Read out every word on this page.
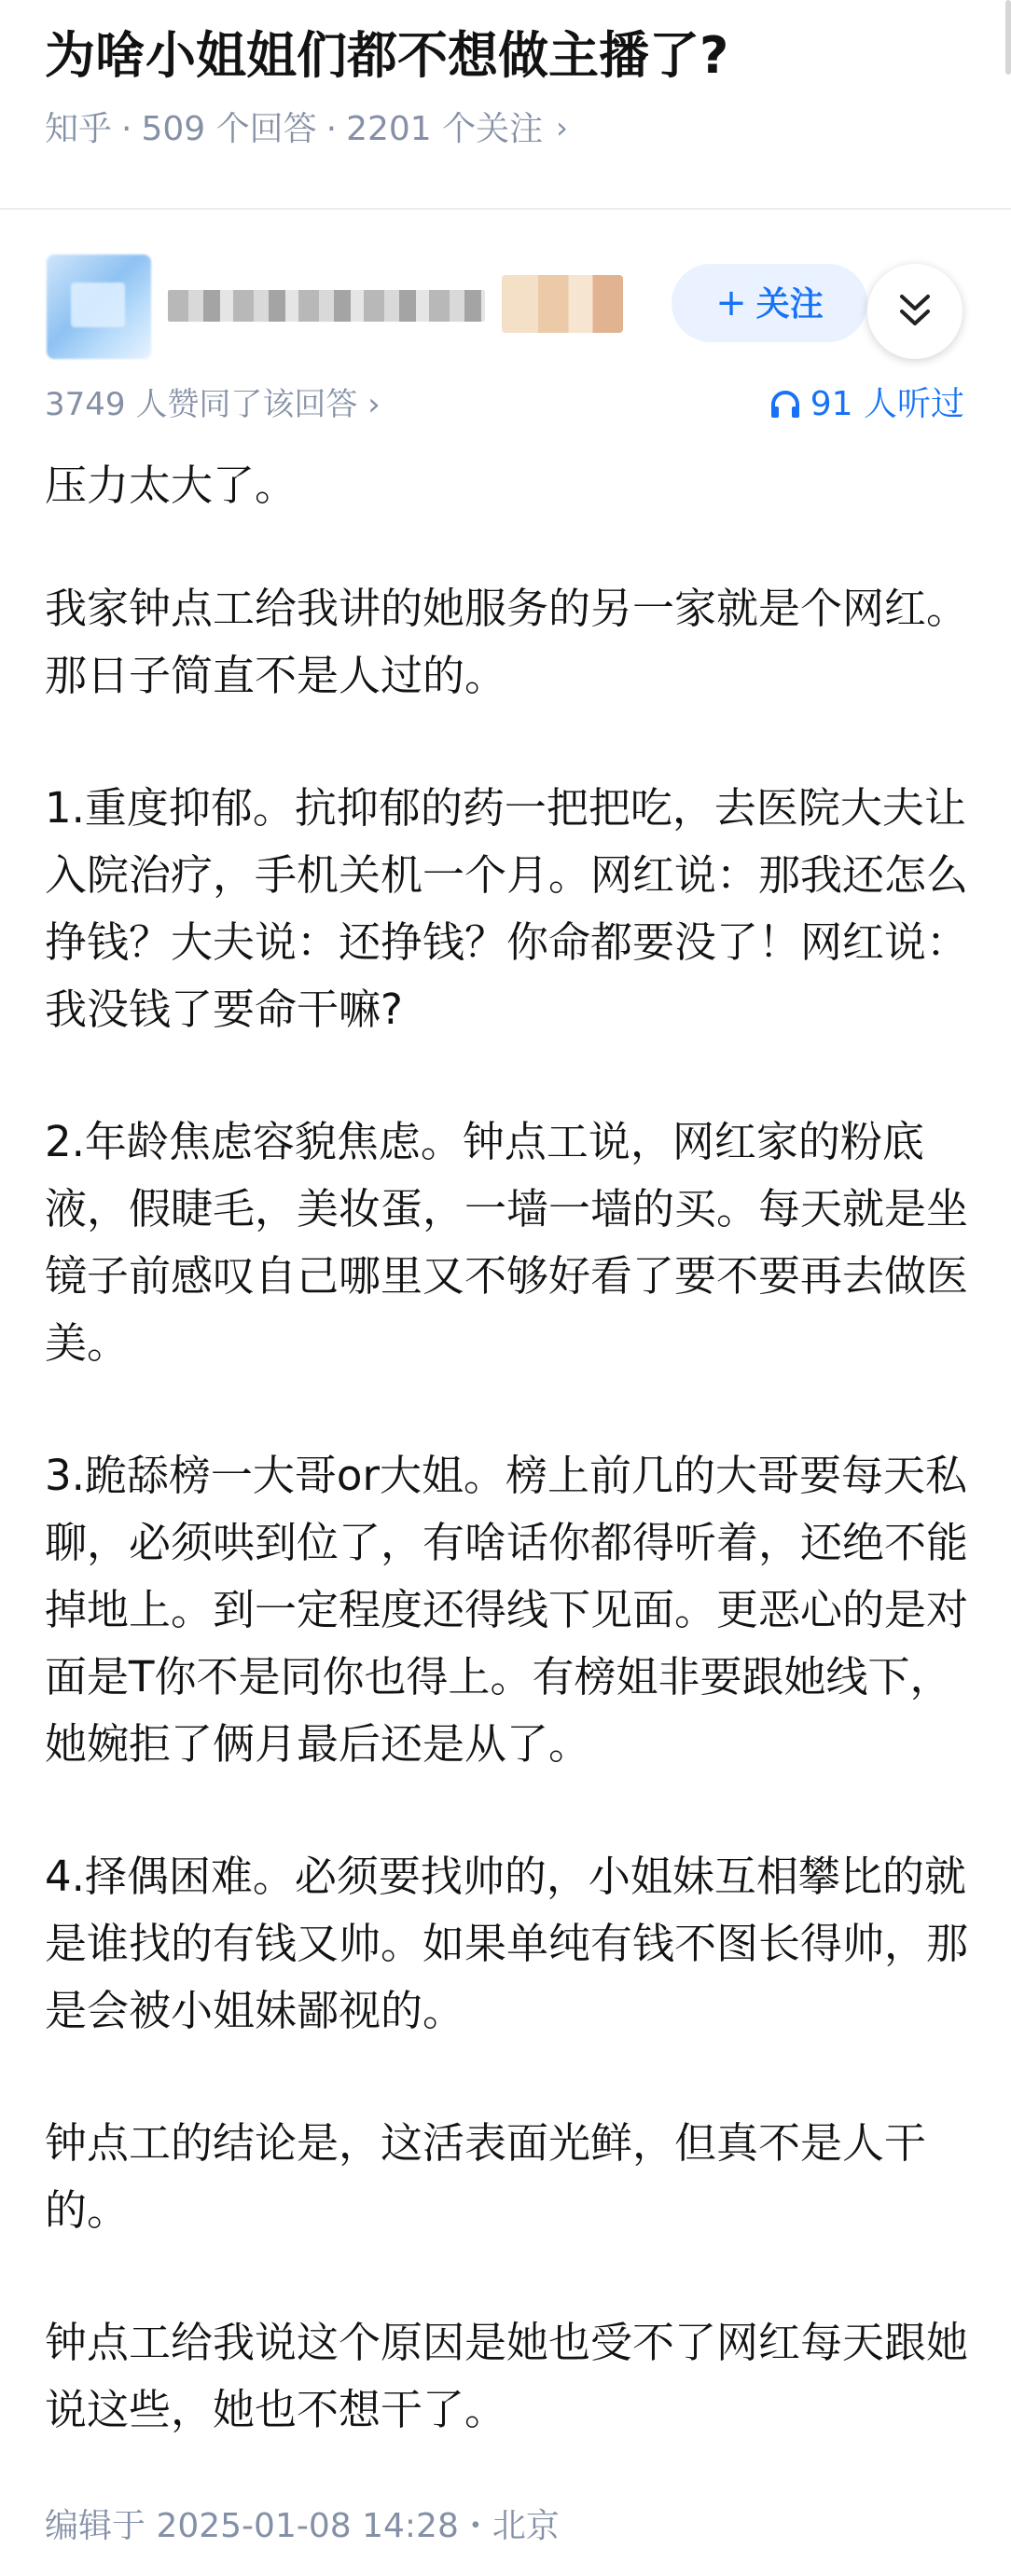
为啥小姐姐们都不想做主播了?
知乎 · 509 个回答 · 2201 个关注 ›
+ 关注
3749 人赞同了该回答 ›	91 人听过

压力太大了。

我家钟点工给我讲的她服务的另一家就是个网红。那日子简直不是人过的。

1.重度抑郁。抗抑郁的药一把把吃，去医院大夫让入院治疗，手机关机一个月。网红说：那我还怎么挣钱？大夫说：还挣钱？你命都要没了！网红说：我没钱了要命干嘛?

2.年龄焦虑容貌焦虑。钟点工说，网红家的粉底液，假睫毛，美妆蛋，一墙一墙的买。每天就是坐镜子前感叹自己哪里又不够好看了要不要再去做医美。

3.跪舔榜一大哥or大姐。榜上前几的大哥要每天私聊，必须哄到位了，有啥话你都得听着，还绝不能掉地上。到一定程度还得线下见面。更恶心的是对面是T你不是同你也得上。有榜姐非要跟她线下，她婉拒了俩月最后还是从了。

4.择偶困难。必须要找帅的，小姐妹互相攀比的就是谁找的有钱又帅。如果单纯有钱不图长得帅，那是会被小姐妹鄙视的。

钟点工的结论是，这活表面光鲜，但真不是人干的。

钟点工给我说这个原因是她也受不了网红每天跟她说这些，她也不想干了。

编辑于 2025-01-08 14:28・北京
